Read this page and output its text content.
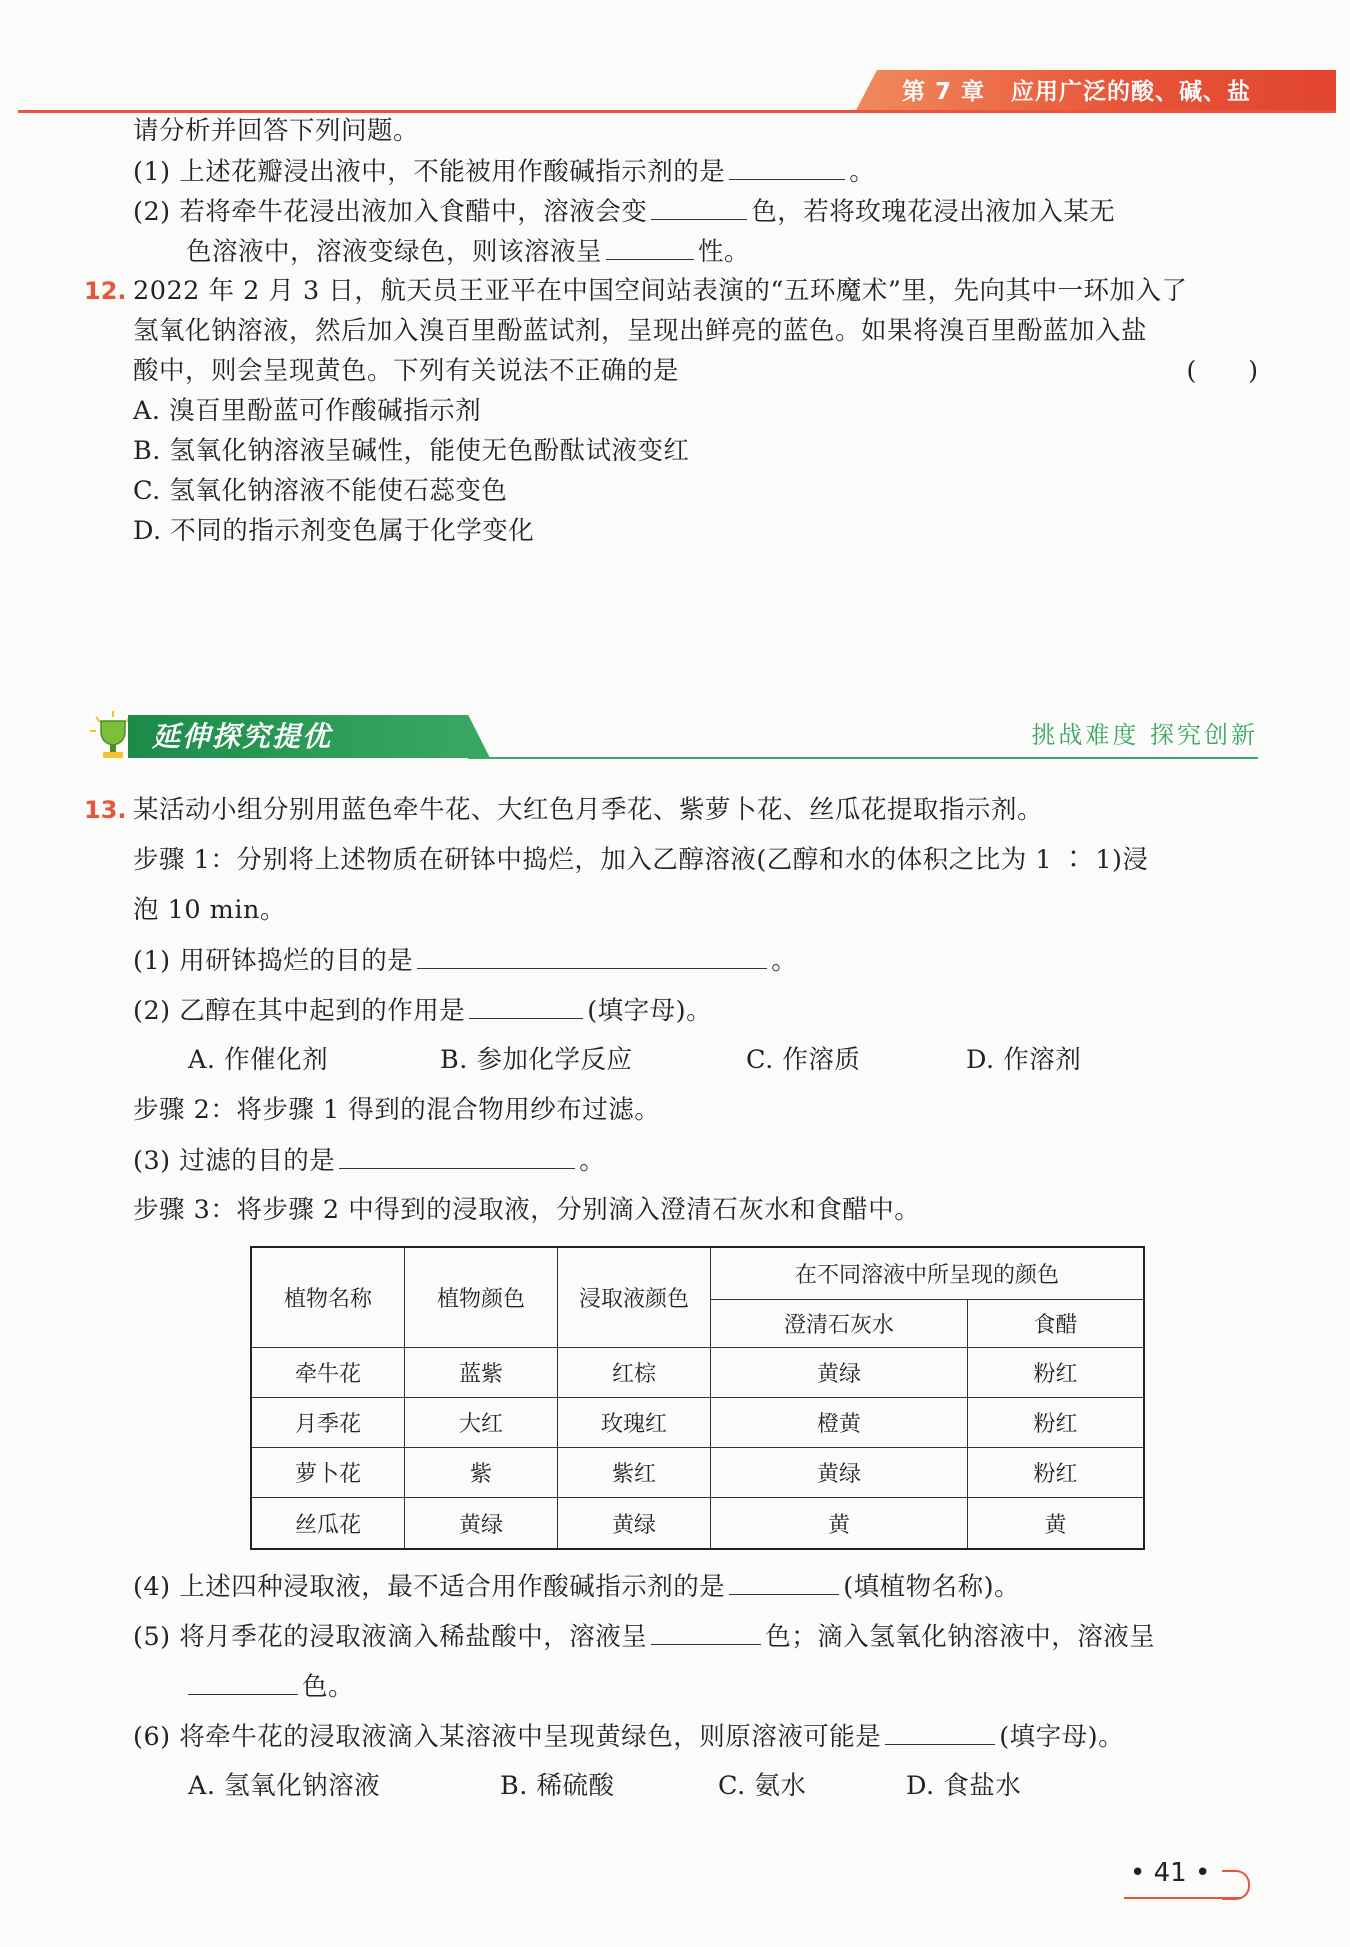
第 7 章 应用广泛的酸、碱、盐
请分析并回答下列问题。
(1) 上述花瓣浸出液中，不能被用作酸碱指示剂的是	。
(2) 若将牵牛花浸出液加入食醋中，溶液会变	色，若将玫瑰花浸出液加入某无
色溶液中，溶液变绿色，则该溶液呈	性。
12. 2022 年 2 月 3 日，航天员王亚平在中国空间站表演的“五环魔术”里，先向其中一环加入了
氢氧化钠溶液，然后加入溴百里酚蓝试剂，呈现出鲜亮的蓝色。如果将溴百里酚蓝加入盐
酸中，则会呈现黄色。下列有关说法不正确的是	( )
A. 溴百里酚蓝可作酸碱指示剂
B. 氢氧化钠溶液呈碱性，能使无色酚酞试液变红
C. 氢氧化钠溶液不能使石蕊变色
D. 不同的指示剂变色属于化学变化
延伸探究提优	挑战难度 探究创新
13. 某活动小组分别用蓝色牵牛花、大红色月季花、紫萝卜花、丝瓜花提取指示剂。
步骤 1：分别将上述物质在研钵中捣烂，加入乙醇溶液(乙醇和水的体积之比为 1 ∶ 1)浸
泡 10 min。
(1) 用研钵捣烂的目的是	。
(2) 乙醇在其中起到的作用是	(填字母)。
A. 作催化剂	B. 参加化学反应	C. 作溶质	D. 作溶剂
步骤 2：将步骤 1 得到的混合物用纱布过滤。
(3) 过滤的目的是	。
步骤 3：将步骤 2 中得到的浸取液，分别滴入澄清石灰水和食醋中。
植物名称	植物颜色	浸取液颜色	在不同溶液中所呈现的颜色	
			澄清石灰水	食醋
牵牛花	蓝紫	红棕	黄绿	粉红
月季花	大红	玫瑰红	橙黄	粉红
萝卜花	紫	紫红	黄绿	粉红
丝瓜花	黄绿	黄绿	黄	黄
(4) 上述四种浸取液，最不适合用作酸碱指示剂的是	(填植物名称)。
(5) 将月季花的浸取液滴入稀盐酸中，溶液呈	色；滴入氢氧化钠溶液中，溶液呈
色。
(6) 将牵牛花的浸取液滴入某溶液中呈现黄绿色，则原溶液可能是	(填字母)。
A. 氢氧化钠溶液	B. 稀硫酸	C. 氨水	D. 食盐水
• 41 •
